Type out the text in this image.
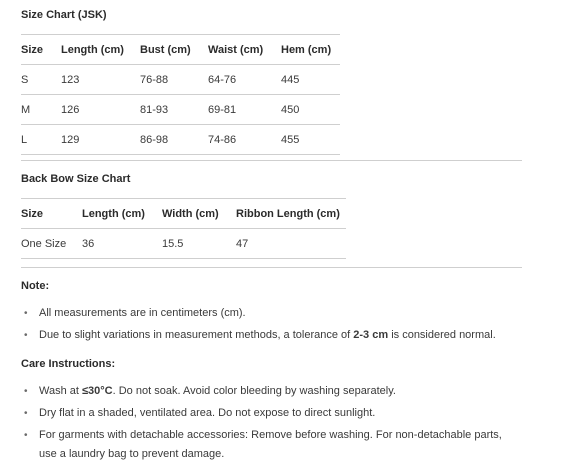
Size Chart (JSK)
Size	Length (cm)	Bust (cm)	Waist (cm)	Hem (cm)
S	123	76-88	64-76	445
M	126	81-93	69-81	450
L	129	86-98	74-86	455
Back Bow Size Chart
Size	Length (cm)	Width (cm)	Ribbon Length (cm)
One Size	36	15.5	47
Note:
• All measurements are in centimeters (cm).
• Due to slight variations in measurement methods, a tolerance of 2-3 cm is considered normal.
Care Instructions:
• Wash at ≤30°C. Do not soak. Avoid color bleeding by washing separately.
• Dry flat in a shaded, ventilated area. Do not expose to direct sunlight.
• For garments with detachable accessories: Remove before washing. For non-detachable parts, use a laundry bag to prevent damage.
